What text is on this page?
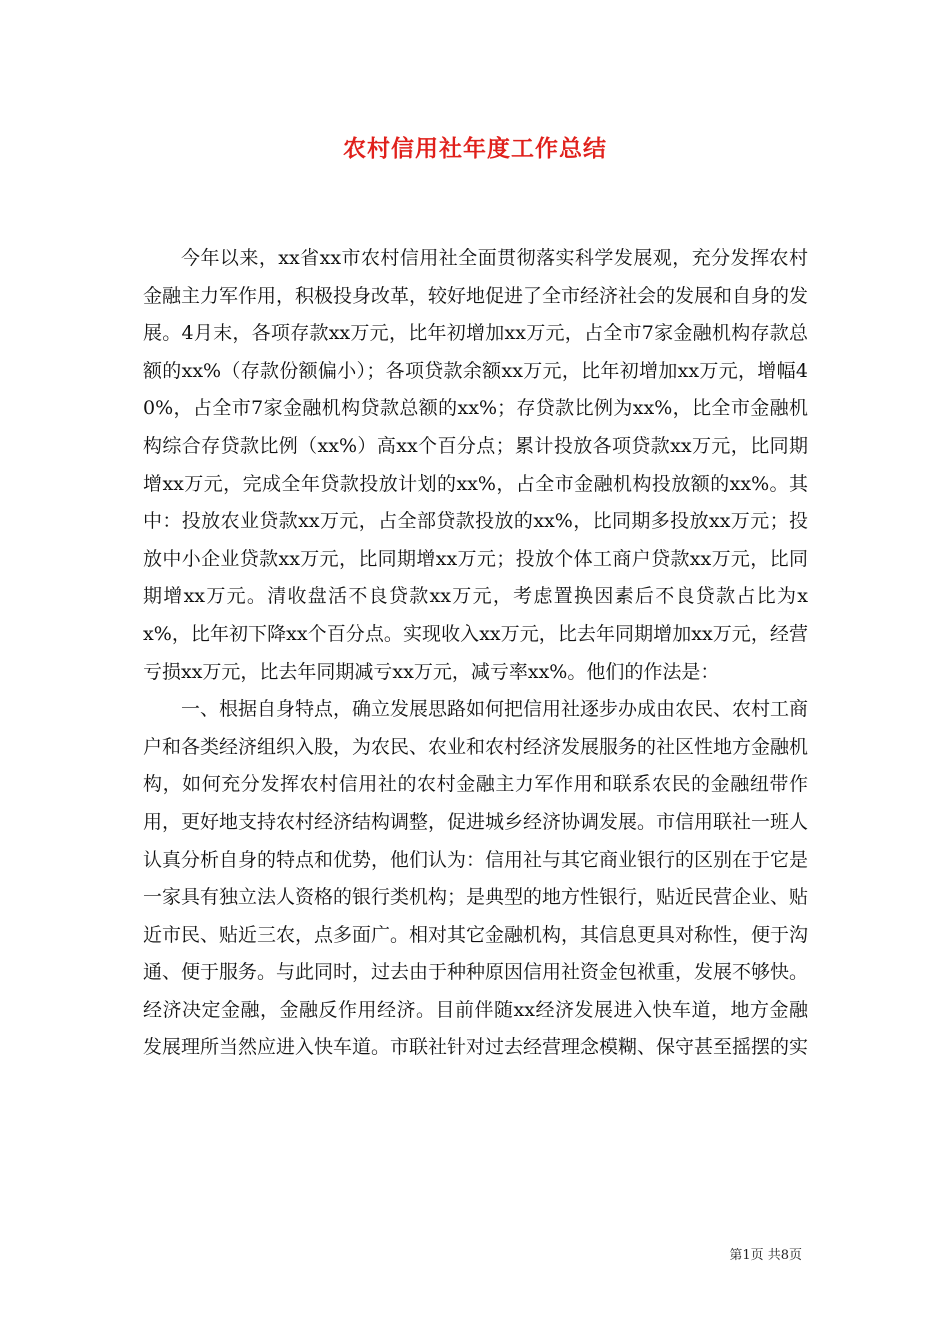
农村信用社年度工作总结

今年以来，xx省xx市农村信用社全面贯彻落实科学发展观，充分发挥农村金融主力军作用，积极投身改革，较好地促进了全市经济社会的发展和自身的发展。4月末，各项存款xx万元，比年初增加xx万元，占全市7家金融机构存款总额的xx%（存款份额偏小）；各项贷款余额xx万元，比年初增加xx万元，增幅40%，占全市7家金融机构贷款总额的xx%；存贷款比例为xx%，比全市金融机构综合存贷款比例（xx%）高xx个百分点；累计投放各项贷款xx万元，比同期增xx万元，完成全年贷款投放计划的xx%，占全市金融机构投放额的xx%。其中：投放农业贷款xx万元，占全部贷款投放的xx%，比同期多投放xx万元；投放中小企业贷款xx万元，比同期增xx万元；投放个体工商户贷款xx万元，比同期增xx万元。清收盘活不良贷款xx万元，考虑置换因素后不良贷款占比为xx%，比年初下降xx个百分点。实现收入xx万元，比去年同期增加xx万元，经营亏损xx万元，比去年同期减亏xx万元，减亏率xx%。他们的作法是：

一、根据自身特点，确立发展思路如何把信用社逐步办成由农民、农村工商户和各类经济组织入股，为农民、农业和农村经济发展服务的社区性地方金融机构，如何充分发挥农村信用社的农村金融主力军作用和联系农民的金融纽带作用，更好地支持农村经济结构调整，促进城乡经济协调发展。市信用联社一班人认真分析自身的特点和优势，他们认为：信用社与其它商业银行的区别在于它是一家具有独立法人资格的银行类机构；是典型的地方性银行，贴近民营企业、贴近市民、贴近三农，点多面广。相对其它金融机构，其信息更具对称性，便于沟通、便于服务。与此同时，过去由于种种原因信用社资金包袱重，发展不够快。经济决定金融，金融反作用经济。目前伴随xx经济发展进入快车道，地方金融发展理所当然应进入快车道。市联社针对过去经营理念模糊、保守甚至摇摆的实

第1页 共8页
